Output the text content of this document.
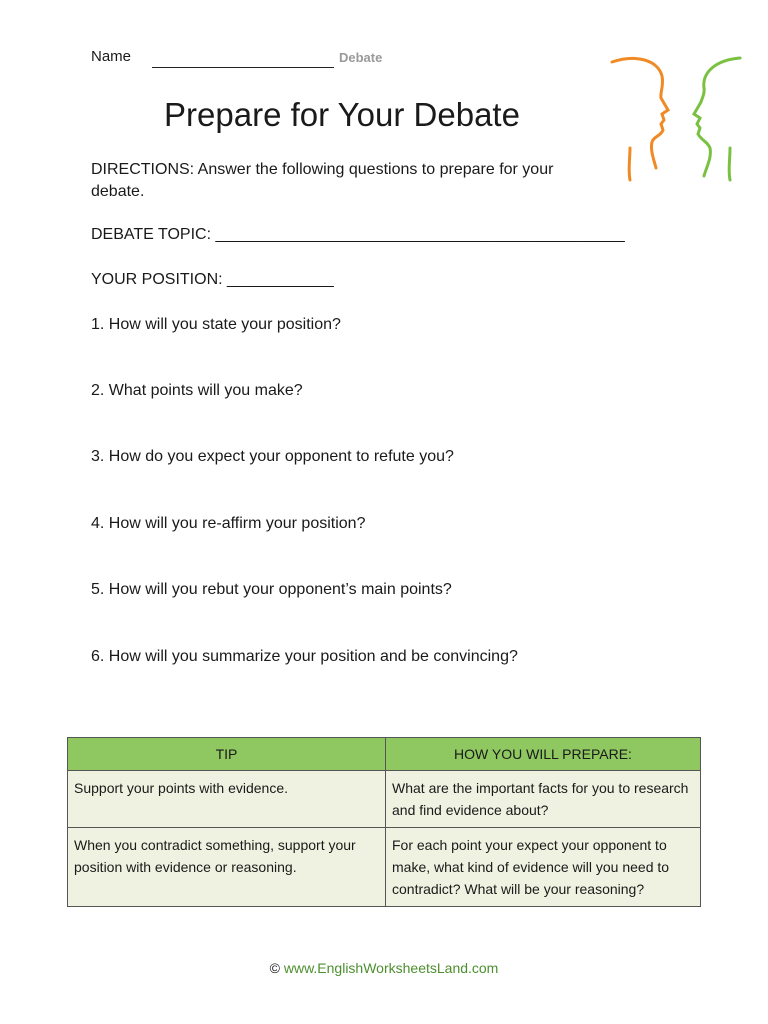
Name	Debate
Prepare for Your Debate
DIRECTIONS: Answer the following questions to prepare for your debate.
DEBATE TOPIC: ______________________________________________
YOUR POSITION: ____________
1. How will you state your position?
2. What points will you make?
3. How do you expect your opponent to refute you?
4. How will you re-affirm your position?
5. How will you rebut your opponent’s main points?
6. How will you summarize your position and be convincing?
TIP	HOW YOU WILL PREPARE:
Support your points with evidence.	What are the important facts for you to research and find evidence about?
When you contradict something, support your position with evidence or reasoning.	For each point your expect your opponent to make, what kind of evidence will you need to contradict? What will be your reasoning?
© www.EnglishWorksheetsLand.com
